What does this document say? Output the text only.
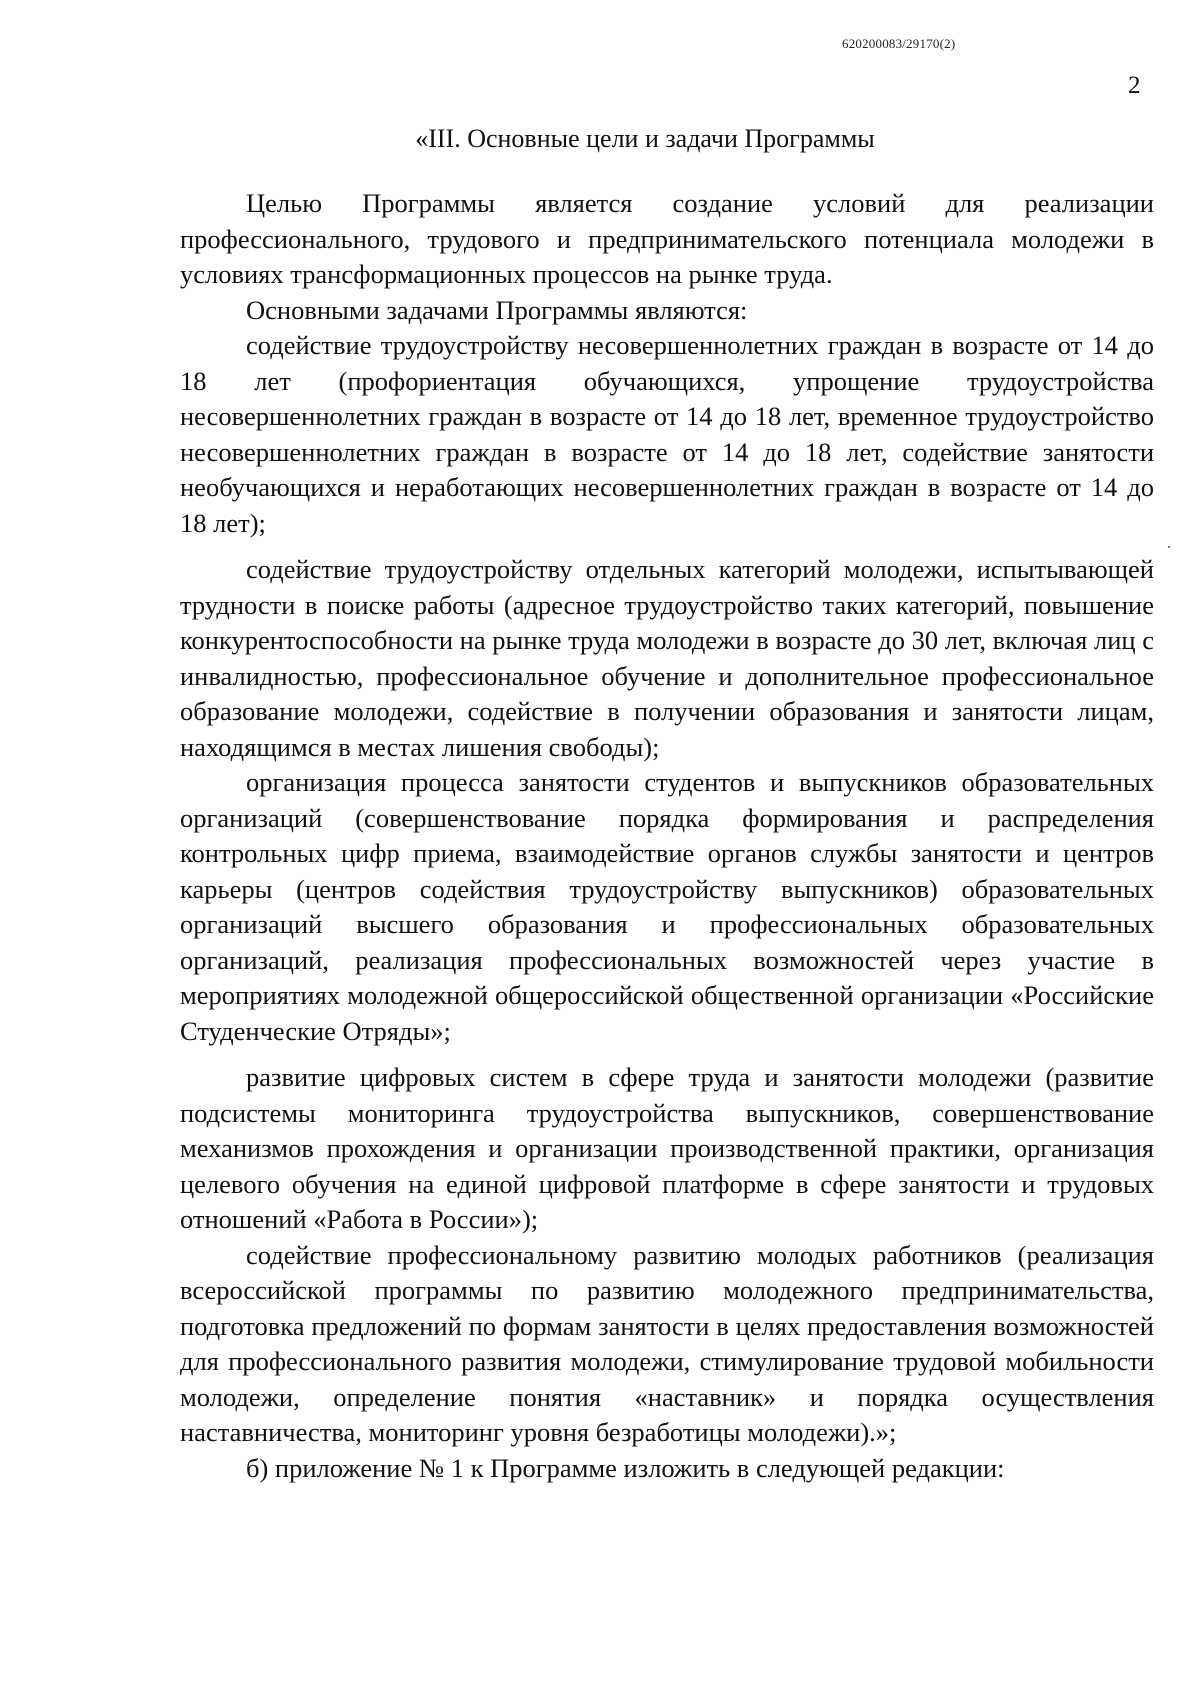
620200083/29170(2)
2
«III. Основные цели и задачи Программы

Целью Программы является создание условий для реализации профессионального, трудового и предпринимательского потенциала молодежи в условиях трансформационных процессов на рынке труда.

Основными задачами Программы являются:

содействие трудоустройству несовершеннолетних граждан в возрасте от 14 до 18 лет (профориентация обучающихся, упрощение трудоустройства несовершеннолетних граждан в возрасте от 14 до 18 лет, временное трудоустройство несовершеннолетних граждан в возрасте от 14 до 18 лет, содействие занятости необучающихся и неработающих несовершеннолетних граждан в возрасте от 14 до 18 лет);

содействие трудоустройству отдельных категорий молодежи, испытывающей трудности в поиске работы (адресное трудоустройство таких категорий, повышение конкурентоспособности на рынке труда молодежи в возрасте до 30 лет, включая лиц с инвалидностью, профессиональное обучение и дополнительное профессиональное образование молодежи, содействие в получении образования и занятости лицам, находящимся в местах лишения свободы);

организация процесса занятости студентов и выпускников образовательных организаций (совершенствование порядка формирования и распределения контрольных цифр приема, взаимодействие органов службы занятости и центров карьеры (центров содействия трудоустройству выпускников) образовательных организаций высшего образования и профессиональных образовательных организаций, реализация профессиональных возможностей через участие в мероприятиях молодежной общероссийской общественной организации «Российские Студенческие Отряды»;

развитие цифровых систем в сфере труда и занятости молодежи (развитие подсистемы мониторинга трудоустройства выпускников, совершенствование механизмов прохождения и организации производственной практики, организация целевого обучения на единой цифровой платформе в сфере занятости и трудовых отношений «Работа в России»);

содействие профессиональному развитию молодых работников (реализация всероссийской программы по развитию молодежного предпринимательства, подготовка предложений по формам занятости в целях предоставления возможностей для профессионального развития молодежи, стимулирование трудовой мобильности молодежи, определение понятия «наставник» и порядка осуществления наставничества, мониторинг уровня безработицы молодежи).»;

б) приложение № 1 к Программе изложить в следующей редакции:
